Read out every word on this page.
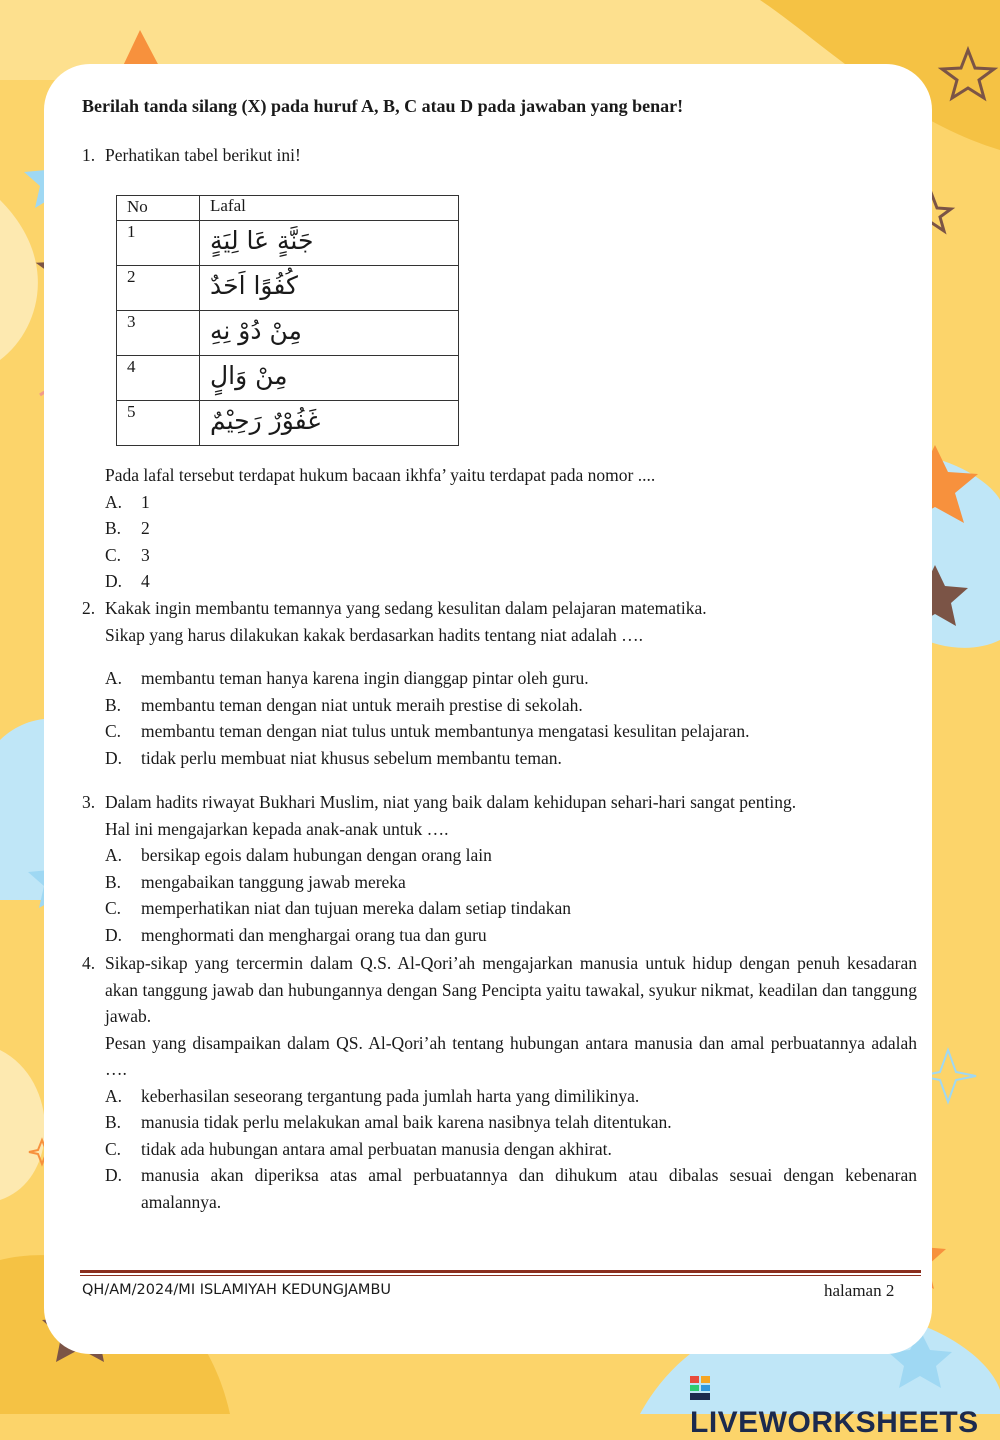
Berilah tanda silang (X) pada huruf A, B, C atau D pada jawaban yang benar!
1. Perhatikan tabel berikut ini!
No	Lafal
1	جَنَّةٍ عَا لِيَةٍ

2	كُفُوًا اَحَدٌ

3	مِنْ دُوْ نِهِ

4	مِنْ وَالٍ

5	غَفُوْرٌ رَحِيْمٌ
Pada lafal tersebut terdapat hukum bacaan ikhfa’ yaitu terdapat pada nomor ....
A. 1
B. 2
C. 3
D. 4
2. Kakak ingin membantu temannya yang sedang kesulitan dalam pelajaran matematika.
Sikap yang harus dilakukan kakak berdasarkan hadits tentang niat adalah ….
A. membantu teman hanya karena ingin dianggap pintar oleh guru.
B. membantu teman dengan niat untuk meraih prestise di sekolah.
C. membantu teman dengan niat tulus untuk membantunya mengatasi kesulitan pelajaran.
D. tidak perlu membuat niat khusus sebelum membantu teman.
3. Dalam hadits riwayat Bukhari Muslim, niat yang baik dalam kehidupan sehari-hari sangat penting.
Hal ini mengajarkan kepada anak-anak untuk ….
A. bersikap egois dalam hubungan dengan orang lain
B. mengabaikan tanggung jawab mereka
C. memperhatikan niat dan tujuan mereka dalam setiap tindakan
D. menghormati dan menghargai orang tua dan guru
4. Sikap-sikap yang tercermin dalam Q.S. Al-Qori’ah mengajarkan manusia untuk hidup dengan penuh kesadaran akan tanggung jawab dan hubungannya dengan Sang Pencipta yaitu tawakal, syukur nikmat, keadilan dan tanggung jawab.
Pesan yang disampaikan dalam QS. Al-Qori’ah tentang hubungan antara manusia dan amal perbuatannya adalah ….
A. keberhasilan seseorang tergantung pada jumlah harta yang dimilikinya.
B. manusia tidak perlu melakukan amal baik karena nasibnya telah ditentukan.
C. tidak ada hubungan antara amal perbuatan manusia dengan akhirat.
D. manusia akan diperiksa atas amal perbuatannya dan dihukum atau dibalas sesuai dengan kebenaran amalannya.
QH/AM/2024/MI ISLAMIYAH KEDUNGJAMBU	halaman 2
LIVEWORKSHEETS
